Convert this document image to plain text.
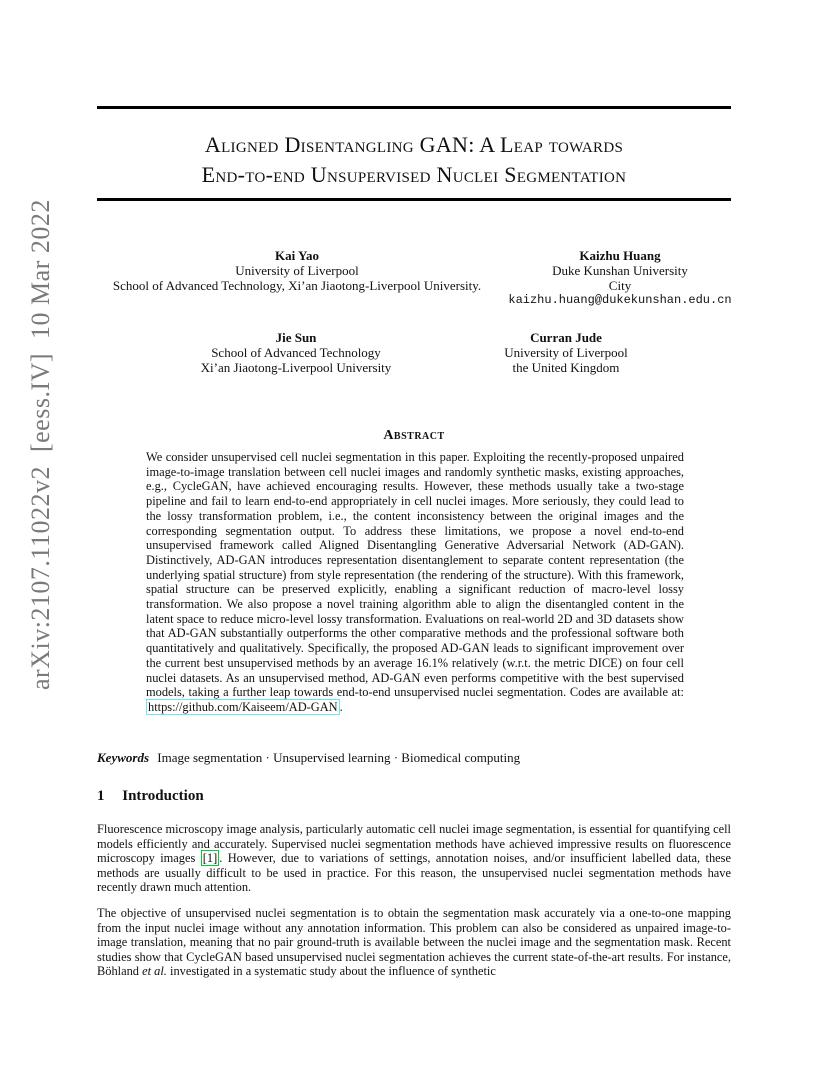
arXiv:2107.11022v2[eess.IV]10 Mar 2022
Aligned Disentangling GAN: A Leap towards
End-to-end Unsupervised Nuclei Segmentation
Kai Yao
University of Liverpool
School of Advanced Technology, Xi’an Jiaotong-Liverpool University.
Kaizhu Huang
Duke Kunshan University
City
kaizhu.huang@dukekunshan.edu.cn
Jie Sun
School of Advanced Technology
Xi’an Jiaotong-Liverpool University
Curran Jude
University of Liverpool
the United Kingdom
Abstract
We consider unsupervised cell nuclei segmentation in this paper. Exploiting the recently-proposed unpaired image-to-image translation between cell nuclei images and randomly synthetic masks, existing approaches, e.g., CycleGAN, have achieved encouraging results. However, these methods usually take a two-stage pipeline and fail to learn end-to-end appropriately in cell nuclei images. More seriously, they could lead to the lossy transformation problem, i.e., the content inconsistency between the original images and the corresponding segmentation output. To address these limitations, we propose a novel end-to-end unsupervised framework called Aligned Disentangling Generative Adversarial Network (AD-GAN). Distinctively, AD-GAN introduces representation disentanglement to separate content representation (the underlying spatial structure) from style representation (the rendering of the structure). With this framework, spatial structure can be preserved explicitly, enabling a significant reduction of macro-level lossy transformation. We also propose a novel training algorithm able to align the disentangled content in the latent space to reduce micro-level lossy transformation. Evaluations on real-world 2D and 3D datasets show that AD-GAN substantially outperforms the other comparative methods and the professional software both quantitatively and qualitatively. Specifically, the proposed AD-GAN leads to significant improvement over the current best unsupervised methods by an average 16.1% relatively (w.r.t. the metric DICE) on four cell nuclei datasets. As an unsupervised method, AD-GAN even performs competitive with the best supervised models, taking a further leap towards end-to-end unsupervised nuclei segmentation. Codes are available at: https://github.com/Kaiseem/AD-GAN .
Keywords Image segmentation · Unsupervised learning · Biomedical computing
1 Introduction
Fluorescence microscopy image analysis, particularly automatic cell nuclei image segmentation, is essential for quantifying cell models efficiently and accurately. Supervised nuclei segmentation methods have achieved impressive results on fluorescence microscopy images [1] . However, due to variations of settings, annotation noises, and/or insufficient labelled data, these methods are usually difficult to be used in practice. For this reason, the unsupervised nuclei segmentation methods have recently drawn much attention.
The objective of unsupervised nuclei segmentation is to obtain the segmentation mask accurately via a one-to-one mapping from the input nuclei image without any annotation information. This problem can also be considered as unpaired image-to-image translation, meaning that no pair ground-truth is available between the nuclei image and the segmentation mask. Recent studies show that CycleGAN based unsupervised nuclei segmentation achieves the current state-of-the-art results. For instance, Böhland et al. investigated in a systematic study about the influence of synthetic
